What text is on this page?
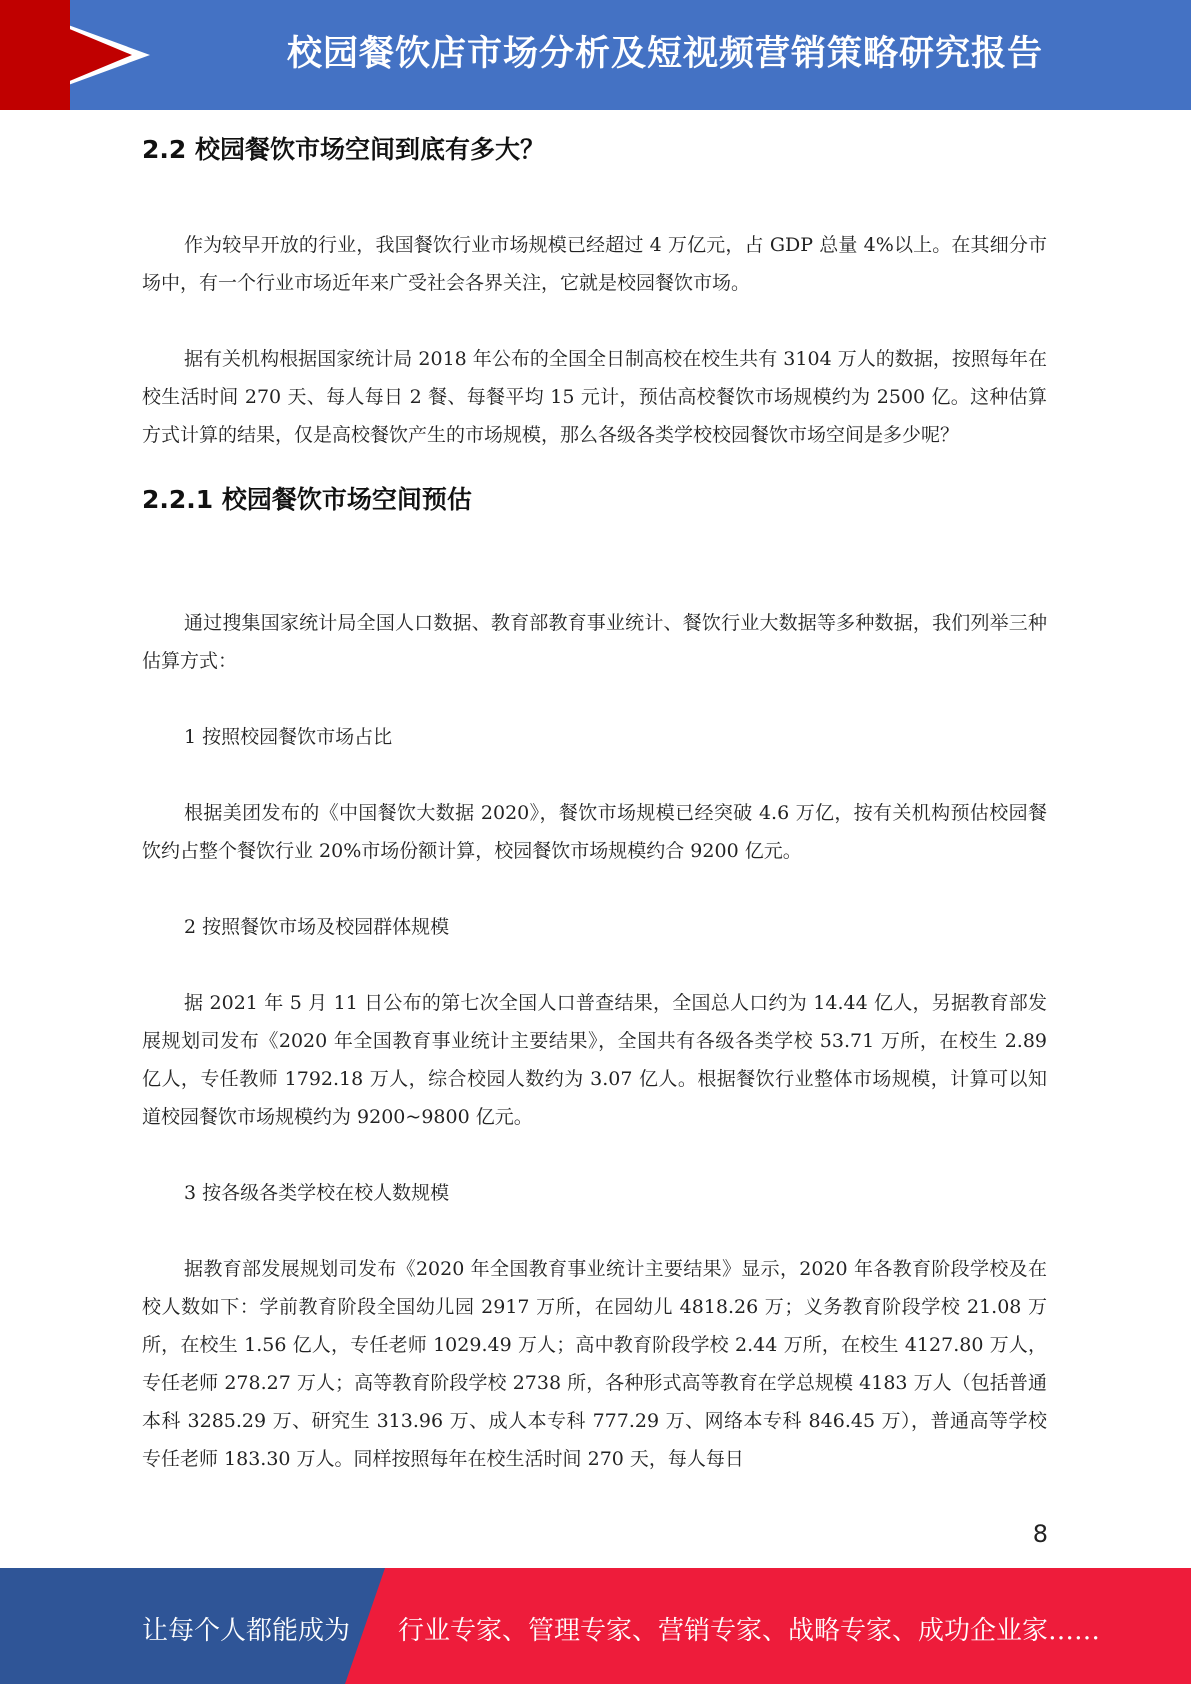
校园餐饮店市场分析及短视频营销策略研究报告
2.2 校园餐饮市场空间到底有多大？

作为较早开放的行业，我国餐饮行业市场规模已经超过 4 万亿元，占 GDP 总量 4%以上。在其细分市场中，有一个行业市场近年来广受社会各界关注，它就是校园餐饮市场。

据有关机构根据国家统计局 2018 年公布的全国全日制高校在校生共有 3104 万人的数据，按照每年在校生活时间 270 天、每人每日 2 餐、每餐平均 15 元计，预估高校餐饮市场规模约为 2500 亿。这种估算方式计算的结果，仅是高校餐饮产生的市场规模，那么各级各类学校校园餐饮市场空间是多少呢？

2.2.1 校园餐饮市场空间预估

通过搜集国家统计局全国人口数据、教育部教育事业统计、餐饮行业大数据等多种数据，我们列举三种估算方式：

1 按照校园餐饮市场占比

根据美团发布的《中国餐饮大数据 2020》，餐饮市场规模已经突破 4.6 万亿，按有关机构预估校园餐饮约占整个餐饮行业 20%市场份额计算，校园餐饮市场规模约合 9200 亿元。

2 按照餐饮市场及校园群体规模

据 2021 年 5 月 11 日公布的第七次全国人口普查结果，全国总人口约为 14.44 亿人，另据教育部发展规划司发布《2020 年全国教育事业统计主要结果》，全国共有各级各类学校 53.71 万所，在校生 2.89 亿人，专任教师 1792.18 万人，综合校园人数约为 3.07 亿人。根据餐饮行业整体市场规模，计算可以知道校园餐饮市场规模约为 9200~9800 亿元。

3 按各级各类学校在校人数规模

据教育部发展规划司发布《2020 年全国教育事业统计主要结果》显示，2020 年各教育阶段学校及在校人数如下：学前教育阶段全国幼儿园 2917 万所，在园幼儿 4818.26 万；义务教育阶段学校 21.08 万所，在校生 1.56 亿人，专任老师 1029.49 万人；高中教育阶段学校 2.44 万所，在校生 4127.80 万人，专任老师 278.27 万人；高等教育阶段学校 2738 所，各种形式高等教育在学总规模 4183 万人（包括普通本科 3285.29 万、研究生 313.96 万、成人本专科 777.29 万、网络本专科 846.45 万），普通高等学校专任老师 183.30 万人。同样按照每年在校生活时间 270 天，每人每日

8
让每个人都能成为 行业专家、管理专家、营销专家、战略专家、成功企业家……
